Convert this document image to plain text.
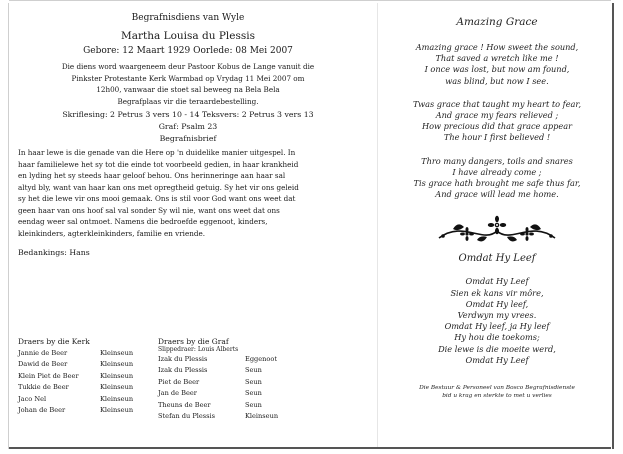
Begrafnisdiens van Wyle
Martha Louisa du Plessis
Gebore: 12 Maart 1929 Oorlede: 08 Mei 2007
Die diens word waargeneem deur Pastoor Kobus de Lange vanuit die
Pinkster Protestante Kerk Warmbad op Vrydag 11 Mei 2007 om
12h00, vanwaar die stoet sal beweeg na Bela Bela
Begrafplaas vir die teraardebestelling.
Skriflesing: 2 Petrus 3 vers 10 - 14 Teksvers: 2 Petrus 3 vers 13
Graf: Psalm 23
Begrafnisbrief
In haar lewe is die genade van die Here op 'n duidelike manier uitgespel. In
haar familielewe het sy tot die einde tot voorbeeld gedien, in haar krankheid
en lyding het sy steeds haar geloof behou. Ons herinneringe aan haar sal
altyd bly, want van haar kan ons met opregtheid getuig. Sy het vir ons geleid
sy het die lewe vir ons mooi gemaak. Ons is stil voor God want ons weet dat
geen haar van ons hoof sal val sonder Sy wil nie, want ons weet dat ons
eendag weer sal ontmoet. Namens die bedroefde eggenoot, kinders,
kleinkinders, agterkleinkinders, familie en vriende.
Bedankings: Hans
Draers by die Kerk
Jannie de Beer	Kleinseun
Dawid de Beer	Kleinseun
Klein Piet de Beer	Kleinseun
Tukkie de Beer	Kleinseun
Jaco Nel	Kleinseun
Johan de Beer	Kleinseun
Draers by die Graf
Slippedraer: Louis Alberts
Izak du Plessis	Eggenoot
Izak du Plessis	Seun
Piet de Beer	Seun
Jan de Beer	Seun
Theuns de Beer	Seun
Stefan du Plessis	Kleinseun
Amazing Grace
Amazing grace ! How sweet the sound,
That saved a wretch like me !
I once was lost, but now am found,
was blind, but now I see.
Twas grace that taught my heart to fear,
And grace my fears relieved ;
How precious did that grace appear
The hour I first believed !
Thro many dangers, toils and snares
I have already come ;
Tis grace hath brought me safe thus far,
And grace will lead me home.
Omdat Hy Leef
Omdat Hy Leef
Sien ek kans vir môre,
Omdat Hy leef,
Verdwyn my vrees.
Omdat Hy leef, ja Hy leef
Hy hou die toekoms;
Die lewe is die moeite werd,
Omdat Hy Leef
Die Bestuur & Personeel van Bosco Begrafnisdienste
bid u krag en sterkte to met u verlies
